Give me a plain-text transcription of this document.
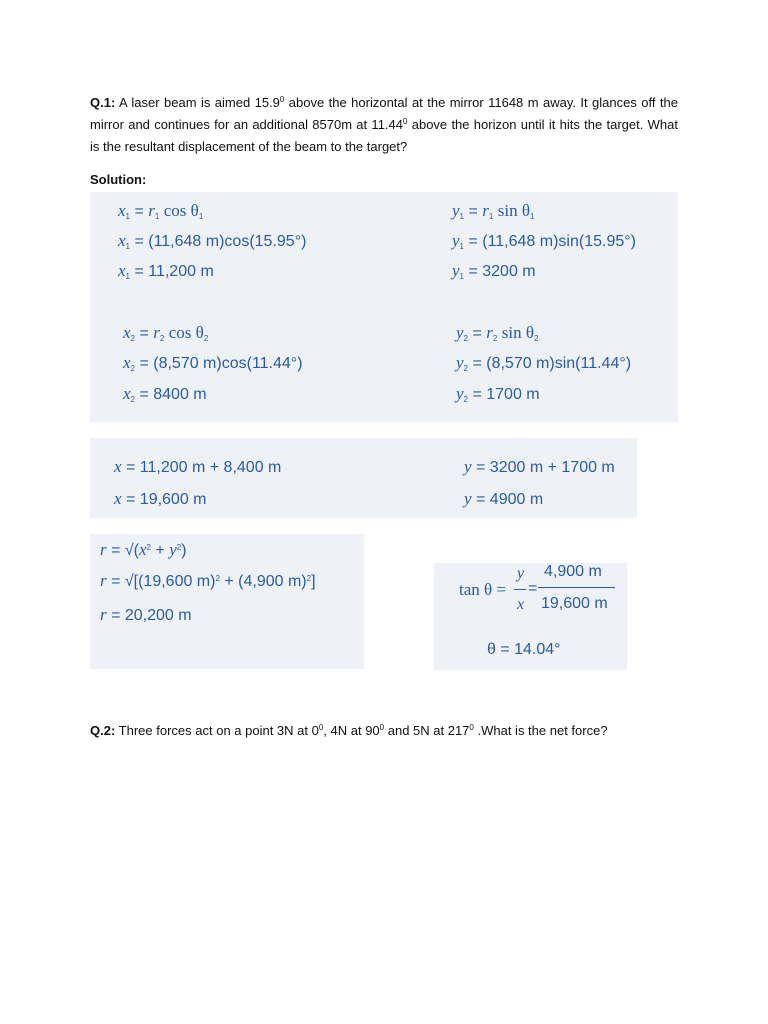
Q.1: A laser beam is aimed 15.9$^0$ above the horizontal at the mirror 11648 m away. It glances off the mirror and continues for an additional 8570m at 11.44$^0$ above the horizon until it hits the target. What is the resultant displacement of the beam to the target?
Solution:
$x_1 = r_1$ $\cos \theta_1$
$x_1 = (11,648$ m)cos(15.95°)
$x_1 = 11,200$ m
$y_1 = r_1$ $\sin \theta_1$
$y_1 = (11,648$ m)sin(15.95°)
$y_1 = 3200$ m
$x_2 = r_2$ $\cos \theta_2$
$x_2 = (8,570$ m)cos(11.44°)
$x_2 = 8400$ m
$y_2 = r_2$ $\sin \theta_2$
$y_2 = (8,570$ m)sin(11.44°)
$y_2 = 1700$ m
x = 11,200 m + 8,400 m
x = 19,600 m
y = 3200 m + 1700 m
y = 4900 m
$r = √(x^2 + y^2)$
r = √[(19,600 m)$^2$ + (4,900 m)$^2$]
r = 20,200 m
tan θ =
y
x
=
4,900 m
19,600 m
θ = 14.04°
Q.2: Three forces act on a point 3N at $0^0$, 4N at $90^0$ and 5N at $217^0$ .What is the net force?
